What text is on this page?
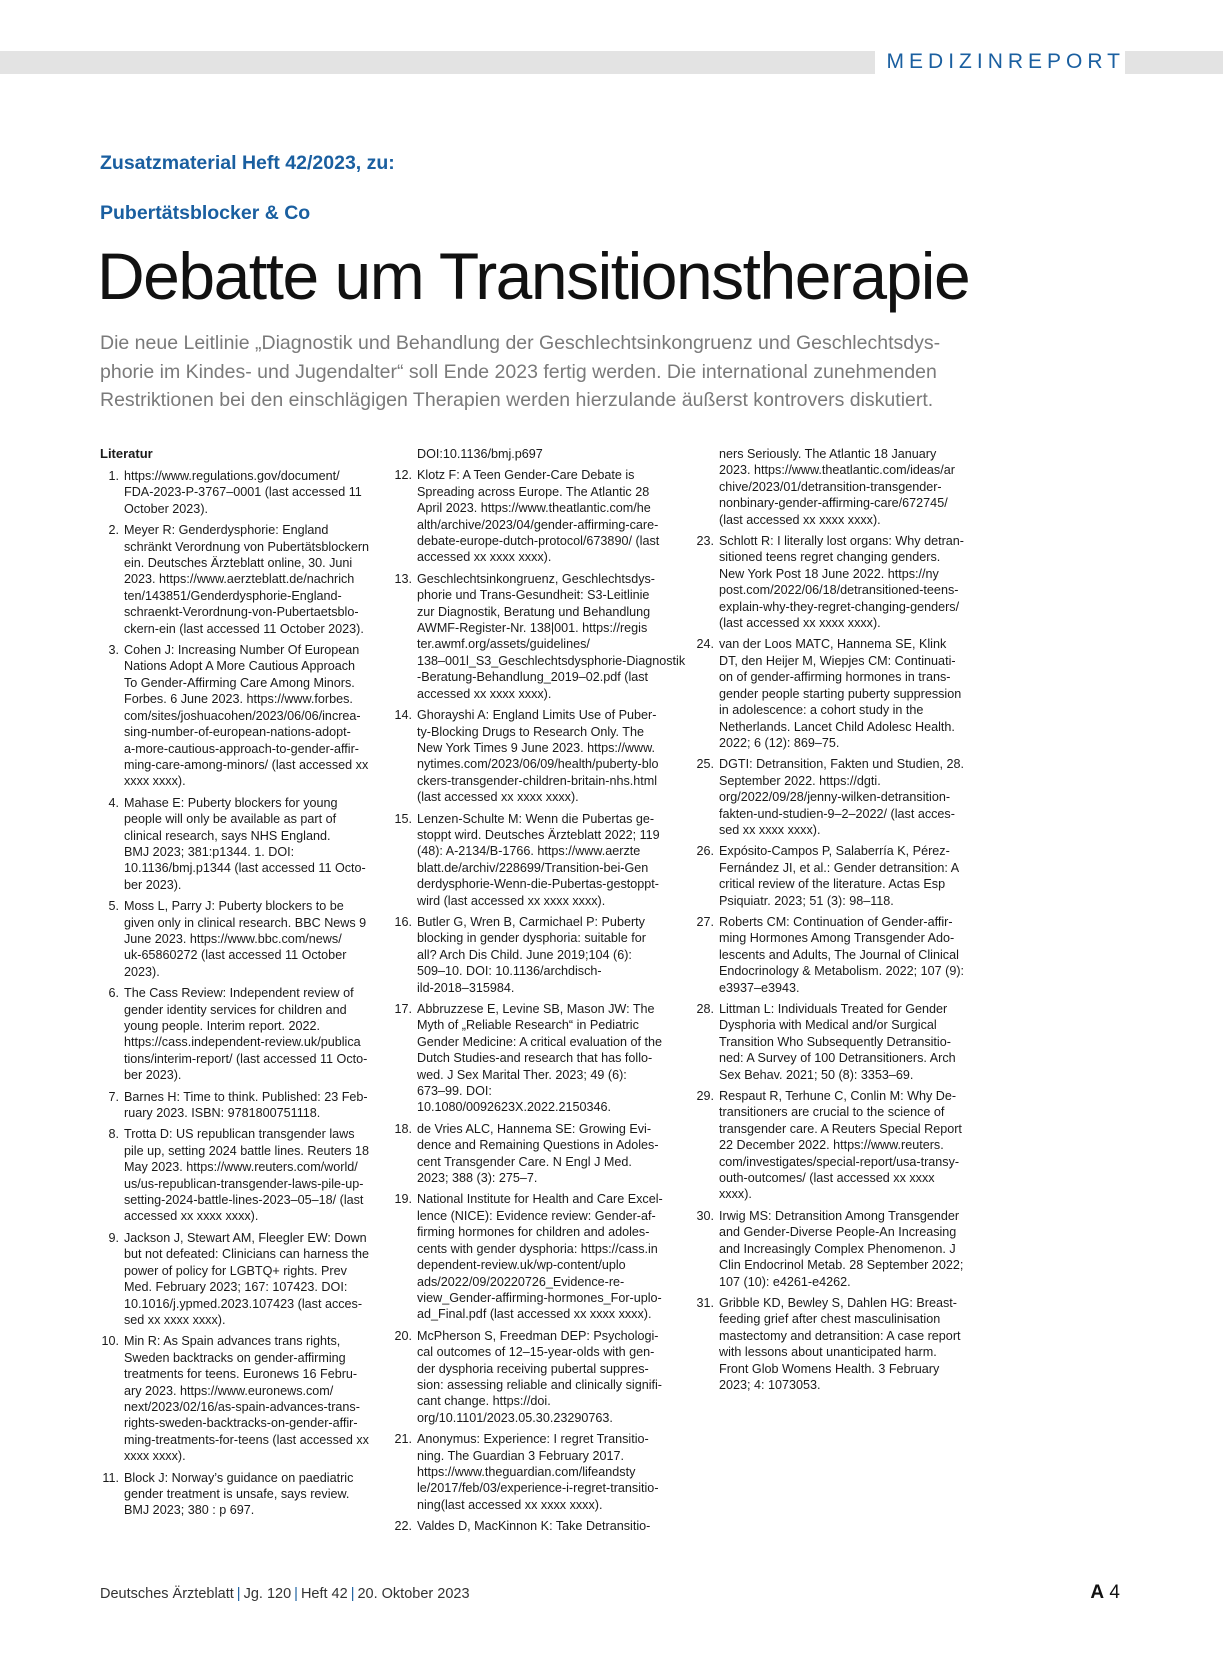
MEDIZINREPORT
Zusatzmaterial Heft 42/2023, zu:
Pubertätsblocker & Co
Debatte um Transitionstherapie
Die neue Leitlinie „Diagnostik und Behandlung der Geschlechtsinkongruenz und Geschlechtsdys-
phorie im Kindes- und Jugendalter“ soll Ende 2023 fertig werden. Die international zunehmenden
Restriktionen bei den einschlägigen Therapien werden hierzulande äußerst kontrovers diskutiert.
Literatur
1. https://www.regulations.gov/document/
FDA-2023-P-3767–0001 (last accessed 11
October 2023).
2. Meyer R: Genderdysphorie: England
schränkt Verordnung von Pubertätsblockern
ein. Deutsches Ärzteblatt online, 30. Juni
2023. https://www.aerzteblatt.de/nachrich
ten/143851/Genderdysphorie-England-
schraenkt-Verordnung-von-Pubertaetsblo-
ckern-ein (last accessed 11 October 2023).
3. Cohen J: Increasing Number Of European
Nations Adopt A More Cautious Approach
To Gender-Affirming Care Among Minors.
Forbes. 6 June 2023. https://www.forbes.
com/sites/joshuacohen/2023/06/06/increa-
sing-number-of-european-nations-adopt-
a-more-cautious-approach-to-gender-affir-
ming-care-among-minors/ (last accessed xx
xxxx xxxx).
4. Mahase E: Puberty blockers for young
people will only be available as part of
clinical research, says NHS England.
BMJ 2023; 381:p1344. 1. DOI:
10.1136/bmj.p1344 (last accessed 11 Octo-
ber 2023).
5. Moss L, Parry J: Puberty blockers to be
given only in clinical research. BBC News 9
June 2023. https://www.bbc.com/news/
uk-65860272 (last accessed 11 October
2023).
6. The Cass Review: Independent review of
gender identity services for children and
young people. Interim report. 2022.
https://cass.independent-review.uk/publica
tions/interim-report/ (last accessed 11 Octo-
ber 2023).
7. Barnes H: Time to think. Published: 23 Feb-
ruary 2023. ISBN: 9781800751118.
8. Trotta D: US republican transgender laws
pile up, setting 2024 battle lines. Reuters 18
May 2023. https://www.reuters.com/world/
us/us-republican-transgender-laws-pile-up-
setting-2024-battle-lines-2023–05–18/ (last
accessed xx xxxx xxxx).
9. Jackson J, Stewart AM, Fleegler EW: Down
but not defeated: Clinicians can harness the
power of policy for LGBTQ+ rights. Prev
Med. February 2023; 167: 107423. DOI:
10.1016/j.ypmed.2023.107423 (last acces-
sed xx xxxx xxxx).
10. Min R: As Spain advances trans rights,
Sweden backtracks on gender-affirming
treatments for teens. Euronews 16 Febru-
ary 2023. https://www.euronews.com/
next/2023/02/16/as-spain-advances-trans-
rights-sweden-backtracks-on-gender-affir-
ming-treatments-for-teens (last accessed xx
xxxx xxxx).
11. Block J: Norway’s guidance on paediatric
gender treatment is unsafe, says review.
BMJ 2023; 380 : p 697.
DOI:10.1136/bmj.p697
12. Klotz F: A Teen Gender-Care Debate is
Spreading across Europe. The Atlantic 28
April 2023. https://www.theatlantic.com/he
alth/archive/2023/04/gender-affirming-care-
debate-europe-dutch-protocol/673890/ (last
accessed xx xxxx xxxx).
13. Geschlechtsinkongruenz, Geschlechtsdys-
phorie und Trans-Gesundheit: S3-Leitlinie
zur Diagnostik, Beratung und Behandlung
AWMF-Register-Nr. 138|001. https://regis
ter.awmf.org/assets/guidelines/
138–001l_S3_Geschlechtsdysphorie-Diagnostik
-Beratung-Behandlung_2019–02.pdf (last
accessed xx xxxx xxxx).
14. Ghorayshi A: England Limits Use of Puber-
ty-Blocking Drugs to Research Only. The
New York Times 9 June 2023. https://www.
nytimes.com/2023/06/09/health/puberty-blo
ckers-transgender-children-britain-nhs.html
(last accessed xx xxxx xxxx).
15. Lenzen-Schulte M: Wenn die Pubertas ge-
stoppt wird. Deutsches Ärzteblatt 2022; 119
(48): A-2134/B-1766. https://www.aerzte
blatt.de/archiv/228699/Transition-bei-Gen
derdysphorie-Wenn-die-Pubertas-gestoppt-
wird (last accessed xx xxxx xxxx).
16. Butler G, Wren B, Carmichael P: Puberty
blocking in gender dysphoria: suitable for
all? Arch Dis Child. June 2019;104 (6):
509–10. DOI: 10.1136/archdisch-
ild-2018–315984.
17. Abbruzzese E, Levine SB, Mason JW: The
Myth of „Reliable Research“ in Pediatric
Gender Medicine: A critical evaluation of the
Dutch Studies-and research that has follo-
wed. J Sex Marital Ther. 2023; 49 (6):
673–99. DOI:
10.1080/0092623X.2022.2150346.
18. de Vries ALC, Hannema SE: Growing Evi-
dence and Remaining Questions in Adoles-
cent Transgender Care. N Engl J Med.
2023; 388 (3): 275–7.
19. National Institute for Health and Care Excel-
lence (NICE): Evidence review: Gender-af-
firming hormones for children and adoles-
cents with gender dysphoria: https://cass.in
dependent-review.uk/wp-content/uplo
ads/2022/09/20220726_Evidence-re-
view_Gender-affirming-hormones_For-uplo-
ad_Final.pdf (last accessed xx xxxx xxxx).
20. McPherson S, Freedman DEP: Psychologi-
cal outcomes of 12–15-year-olds with gen-
der dysphoria receiving pubertal suppres-
sion: assessing reliable and clinically signifi-
cant change. https://doi.
org/10.1101/2023.05.30.23290763.
21. Anonymus: Experience: I regret Transitio-
ning. The Guardian 3 February 2017.
https://www.theguardian.com/lifeandsty
le/2017/feb/03/experience-i-regret-transitio-
ning(last accessed xx xxxx xxxx).
22. Valdes D, MacKinnon K: Take Detransitio-
ners Seriously. The Atlantic 18 January
2023. https://www.theatlantic.com/ideas/ar
chive/2023/01/detransition-transgender-
nonbinary-gender-affirming-care/672745/
(last accessed xx xxxx xxxx).
23. Schlott R: I literally lost organs: Why detran-
sitioned teens regret changing genders.
New York Post 18 June 2022. https://ny
post.com/2022/06/18/detransitioned-teens-
explain-why-they-regret-changing-genders/
(last accessed xx xxxx xxxx).
24. van der Loos MATC, Hannema SE, Klink
DT, den Heijer M, Wiepjes CM: Continuati-
on of gender-affirming hormones in trans-
gender people starting puberty suppression
in adolescence: a cohort study in the
Netherlands. Lancet Child Adolesc Health.
2022; 6 (12): 869–75.
25. DGTI: Detransition, Fakten und Studien, 28.
September 2022. https://dgti.
org/2022/09/28/jenny-wilken-detransition-
fakten-und-studien-9–2–2022/ (last acces-
sed xx xxxx xxxx).
26. Expósito-Campos P, Salaberría K, Pérez-
Fernández JI, et al.: Gender detransition: A
critical review of the literature. Actas Esp
Psiquiatr. 2023; 51 (3): 98–118.
27. Roberts CM: Continuation of Gender-affir-
ming Hormones Among Transgender Ado-
lescents and Adults, The Journal of Clinical
Endocrinology & Metabolism. 2022; 107 (9):
e3937–e3943.
28. Littman L: Individuals Treated for Gender
Dysphoria with Medical and/or Surgical
Transition Who Subsequently Detransitio-
ned: A Survey of 100 Detransitioners. Arch
Sex Behav. 2021; 50 (8): 3353–69.
29. Respaut R, Terhune C, Conlin M: Why De-
transitioners are crucial to the science of
transgender care. A Reuters Special Report
22 December 2022. https://www.reuters.
com/investigates/special-report/usa-transy-
outh-outcomes/ (last accessed xx xxxx
xxxx).
30. Irwig MS: Detransition Among Transgender
and Gender-Diverse People-An Increasing
and Increasingly Complex Phenomenon. J
Clin Endocrinol Metab. 28 September 2022;
107 (10): e4261-e4262.
31. Gribble KD, Bewley S, Dahlen HG: Breast-
feeding grief after chest masculinisation
mastectomy and detransition: A case report
with lessons about unanticipated harm.
Front Glob Womens Health. 3 February
2023; 4: 1073053.
Deutsches Ärzteblatt | Jg. 120 | Heft 42 | 20. Oktober 2023	A 4
